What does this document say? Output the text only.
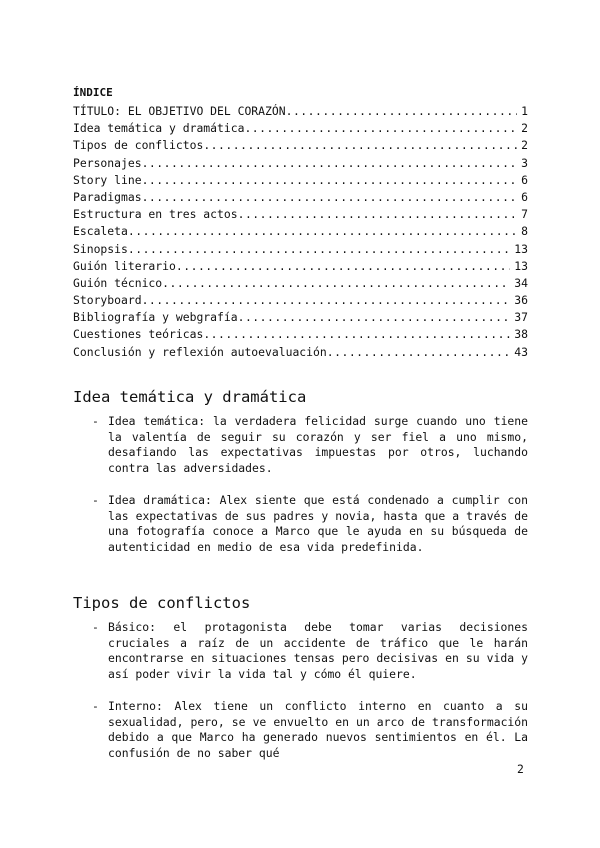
ÍNDICE
TÍTULO: EL OBJETIVO DEL CORAZÓN .....	1
Idea temática y dramática .....	2
Tipos de conflictos .....	2
Personajes .....	3
Story line .....	6
Paradigmas .....	6
Estructura en tres actos .....	7
Escaleta .....	8
Sinopsis .....	13
Guión literario .....	13
Guión técnico .....	34
Storyboard .....	36
Bibliografía y webgrafía .....	37
Cuestiones teóricas .....	38
Conclusión y reflexión autoevaluación .....	43
Idea temática y dramática
- Idea temática: la verdadera felicidad surge cuando uno tiene la valentía de seguir su corazón y ser fiel a uno mismo, desafiando las expectativas impuestas por otros, luchando contra las adversidades.
- Idea dramática: Alex siente que está condenado a cumplir con las expectativas de sus padres y novia, hasta que a través de una fotografía conoce a Marco que le ayuda en su búsqueda de autenticidad en medio de esa vida predefinida.
Tipos de conflictos
- Básico: el protagonista debe tomar varias decisiones cruciales a raíz de un accidente de tráfico que le harán encontrarse en situaciones tensas pero decisivas en su vida y así poder vivir la vida tal y cómo él quiere.
- Interno: Alex tiene un conflicto interno en cuanto a su sexualidad, pero, se ve envuelto en un arco de transformación debido a que Marco ha generado nuevos sentimientos en él. La confusión de no saber qué
2
